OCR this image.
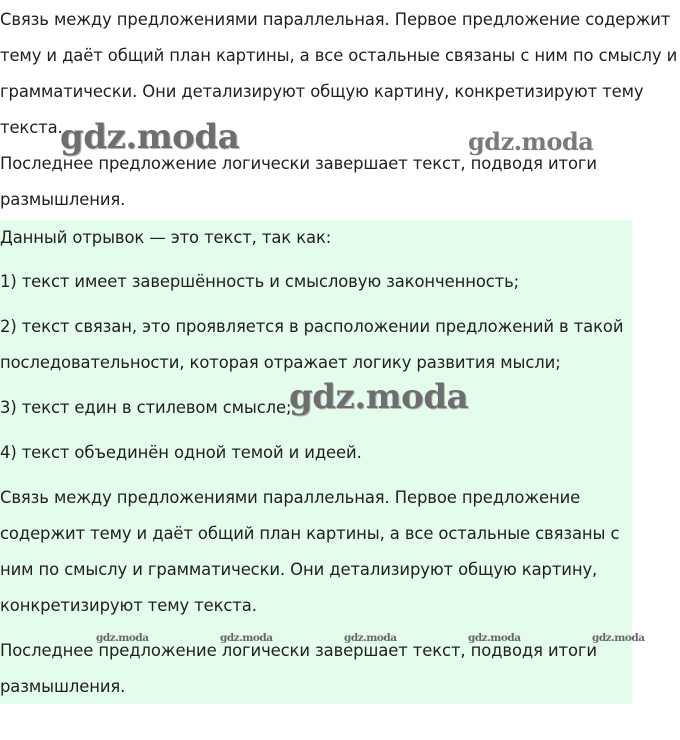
Связь между предложениями параллельная. Первое предложение содержит
тему и даёт общий план картины, а все остальные связаны с ним по смыслу и
грамматически. Они детализируют общую картину, конкретизируют тему
текста.

Последнее предложение логически завершает текст, подводя итоги
размышления.

Данный отрывок — это текст, так как:

1) текст имеет завершённость и смысловую законченность;

2) текст связан, это проявляется в расположении предложений в такой
последовательности, которая отражает логику развития мысли;

3) текст един в стилевом смысле;

4) текст объединён одной темой и идеей.

Связь между предложениями параллельная. Первое предложение
содержит тему и даёт общий план картины, а все остальные связаны с
ним по смыслу и грамматически. Они детализируют общую картину,
конкретизируют тему текста.

Последнее предложение логически завершает текст, подводя итоги
размышления.

gdz.moda	gdz.moda
gdz.moda
gdz.moda	gdz.moda	gdz.moda	gdz.moda	gdz.moda
